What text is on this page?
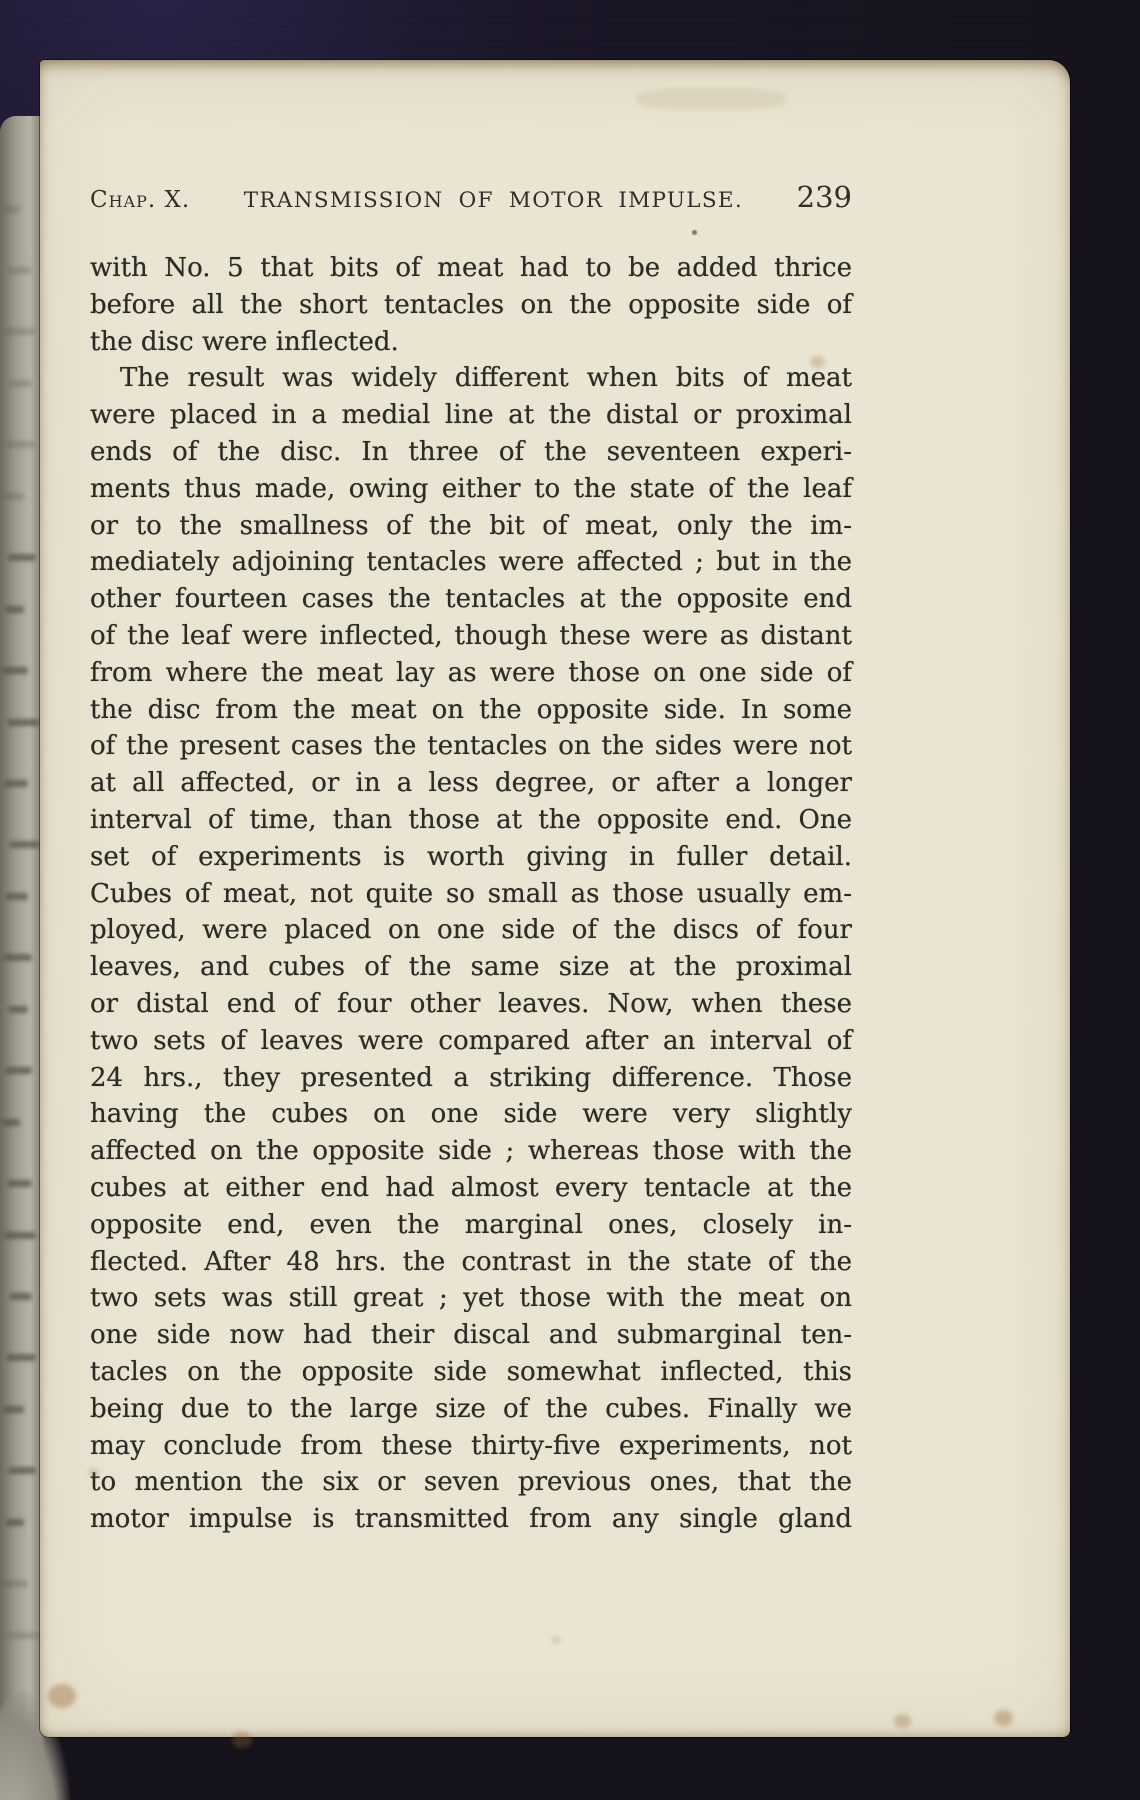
Chap. X.	TRANSMISSION OF MOTOR IMPULSE.	239
with No. 5 that bits of meat had to be added thrice
before all the short tentacles on the opposite side of
the disc were inflected.
The result was widely different when bits of meat
were placed in a medial line at the distal or proximal
ends of the disc. In three of the seventeen experi-
ments thus made, owing either to the state of the leaf
or to the smallness of the bit of meat, only the im-
mediately adjoining tentacles were affected ; but in the
other fourteen cases the tentacles at the opposite end
of the leaf were inflected, though these were as distant
from where the meat lay as were those on one side of
the disc from the meat on the opposite side. In some
of the present cases the tentacles on the sides were not
at all affected, or in a less degree, or after a longer
interval of time, than those at the opposite end. One
set of experiments is worth giving in fuller detail.
Cubes of meat, not quite so small as those usually em-
ployed, were placed on one side of the discs of four
leaves, and cubes of the same size at the proximal
or distal end of four other leaves. Now, when these
two sets of leaves were compared after an interval of
24 hrs., they presented a striking difference. Those
having the cubes on one side were very slightly
affected on the opposite side ; whereas those with the
cubes at either end had almost every tentacle at the
opposite end, even the marginal ones, closely in-
flected. After 48 hrs. the contrast in the state of the
two sets was still great ; yet those with the meat on
one side now had their discal and submarginal ten-
tacles on the opposite side somewhat inflected, this
being due to the large size of the cubes. Finally we
may conclude from these thirty-five experiments, not
to mention the six or seven previous ones, that the
motor impulse is transmitted from any single gland
